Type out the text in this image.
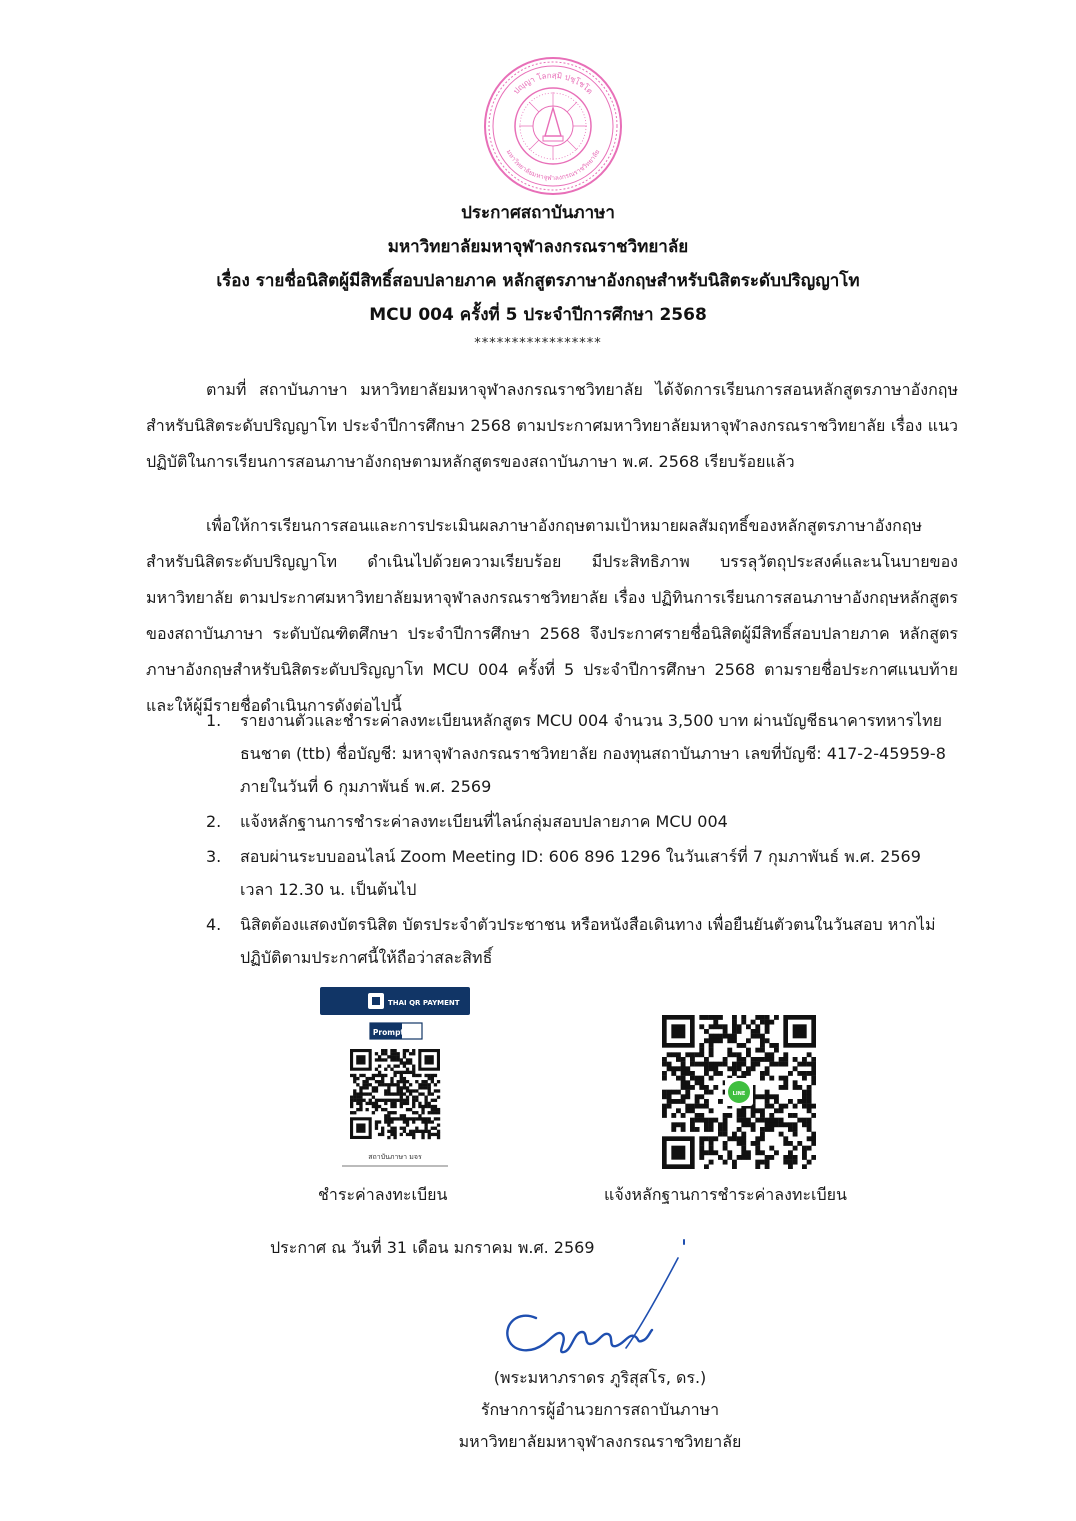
ปญฺญา โลกสฺมิ ปชฺโชโต
มหาวิทยาลัยมหาจุฬาลงกรณราชวิทยาลัย
ประกาศสถาบันภาษา
มหาวิทยาลัยมหาจุฬาลงกรณราชวิทยาลัย
เรื่อง รายชื่อนิสิตผู้มีสิทธิ์สอบปลายภาค หลักสูตรภาษาอังกฤษสำหรับนิสิตระดับปริญญาโท
MCU 004 ครั้งที่ 5 ประจำปีการศึกษา 2568
*****************

ตามที่ สถาบันภาษา มหาวิทยาลัยมหาจุฬาลงกรณราชวิทยาลัย ได้จัดการเรียนการสอนหลักสูตรภาษาอังกฤษสำหรับนิสิตระดับปริญญาโท ประจำปีการศึกษา 2568 ตามประกาศมหาวิทยาลัยมหาจุฬาลงกรณราชวิทยาลัย เรื่อง แนวปฏิบัติในการเรียนการสอนภาษาอังกฤษตามหลักสูตรของสถาบันภาษา พ.ศ. 2568 เรียบร้อยแล้ว

เพื่อให้การเรียนการสอนและการประเมินผลภาษาอังกฤษตามเป้าหมายผลสัมฤทธิ์ของหลักสูตรภาษาอังกฤษสำหรับนิสิตระดับปริญญาโท ดำเนินไปด้วยความเรียบร้อย มีประสิทธิภาพ บรรลุวัตถุประสงค์และนโนบายของมหาวิทยาลัย ตามประกาศมหาวิทยาลัยมหาจุฬาลงกรณราชวิทยาลัย เรื่อง ปฏิทินการเรียนการสอนภาษาอังกฤษหลักสูตรของสถาบันภาษา ระดับบัณฑิตศึกษา ประจำปีการศึกษา 2568 จึงประกาศรายชื่อนิสิตผู้มีสิทธิ์สอบปลายภาค หลักสูตรภาษาอังกฤษสำหรับนิสิตระดับปริญญาโท MCU 004 ครั้งที่ 5 ประจำปีการศึกษา 2568 ตามรายชื่อประกาศแนบท้ายและให้ผู้มีรายชื่อดำเนินการดังต่อไปนี้

1. รายงานตัวและชำระค่าลงทะเบียนหลักสูตร MCU 004 จำนวน 3,500 บาท ผ่านบัญชีธนาคารทหารไทยธนชาต (ttb) ชื่อบัญชี: มหาจุฬาลงกรณราชวิทยาลัย กองทุนสถาบันภาษา เลขที่บัญชี: 417-2-45959-8 ภายในวันที่ 6 กุมภาพันธ์ พ.ศ. 2569
2. แจ้งหลักฐานการชำระค่าลงทะเบียนที่ไลน์กลุ่มสอบปลายภาค MCU 004
3. สอบผ่านระบบออนไลน์ Zoom Meeting ID: 606 896 1296 ในวันเสาร์ที่ 7 กุมภาพันธ์ พ.ศ. 2569 เวลา 12.30 น. เป็นต้นไป
4. นิสิตต้องแสดงบัตรนิสิต บัตรประจำตัวประชาชน หรือหนังสือเดินทาง เพื่อยืนยันตัวตนในวันสอบ หากไม่ปฏิบัติตามประกาศนี้ให้ถือว่าสละสิทธิ์
THAI QR PAYMENT
PromptPay
สถาบันภาษา มจร
LINE
ชำระค่าลงทะเบียน	แจ้งหลักฐานการชำระค่าลงทะเบียน
ประกาศ ณ วันที่ 31 เดือน มกราคม พ.ศ. 2569
(พระมหาภราดร ภูริสุสโร, ดร.)
รักษาการผู้อำนวยการสถาบันภาษา
มหาวิทยาลัยมหาจุฬาลงกรณราชวิทยาลัย
